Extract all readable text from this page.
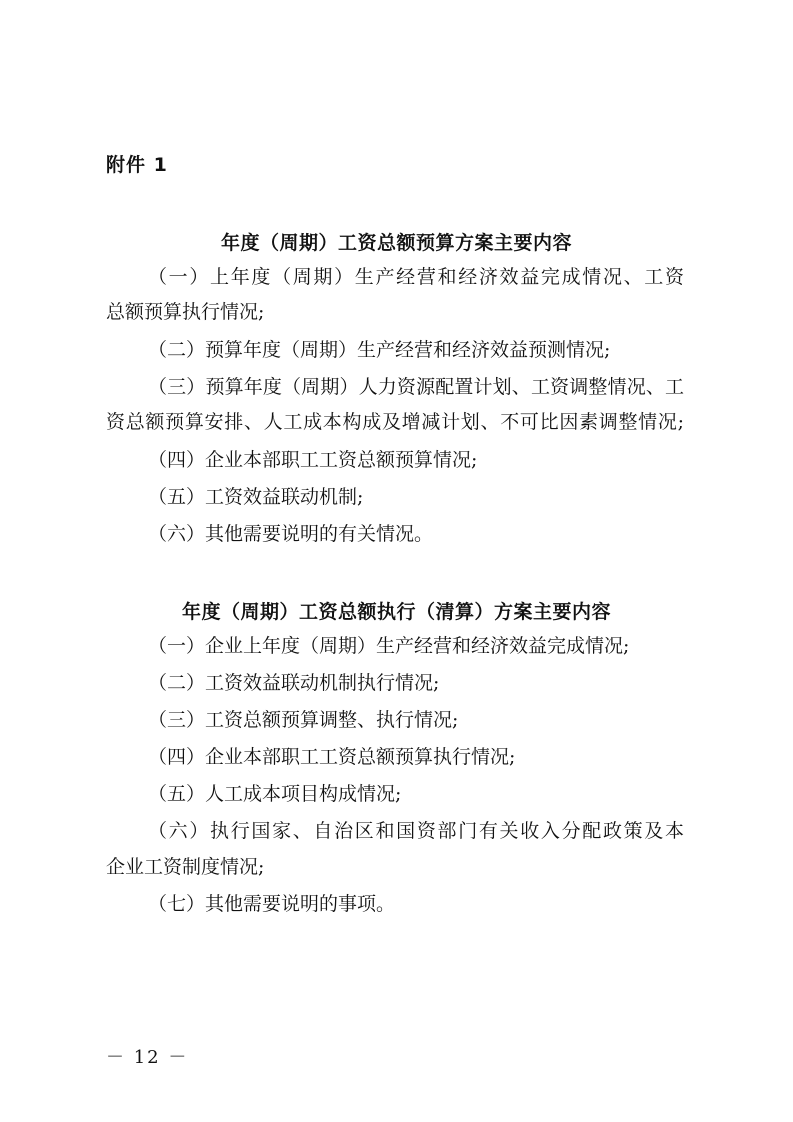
附件 1
年度（周期）工资总额预算方案主要内容
（一）上年度（周期）生产经营和经济效益完成情况、工资
总额预算执行情况;
（二）预算年度（周期）生产经营和经济效益预测情况;
（三）预算年度（周期）人力资源配置计划、工资调整情况、工
资总额预算安排、人工成本构成及增减计划、不可比因素调整情况;
（四）企业本部职工工资总额预算情况;
（五）工资效益联动机制;
（六）其他需要说明的有关情况。
年度（周期）工资总额执行（清算）方案主要内容
（一）企业上年度（周期）生产经营和经济效益完成情况;
（二）工资效益联动机制执行情况;
（三）工资总额预算调整、执行情况;
（四）企业本部职工工资总额预算执行情况;
（五）人工成本项目构成情况;
（六）执行国家、自治区和国资部门有关收入分配政策及本
企业工资制度情况;
（七）其他需要说明的事项。
－ 12 －
